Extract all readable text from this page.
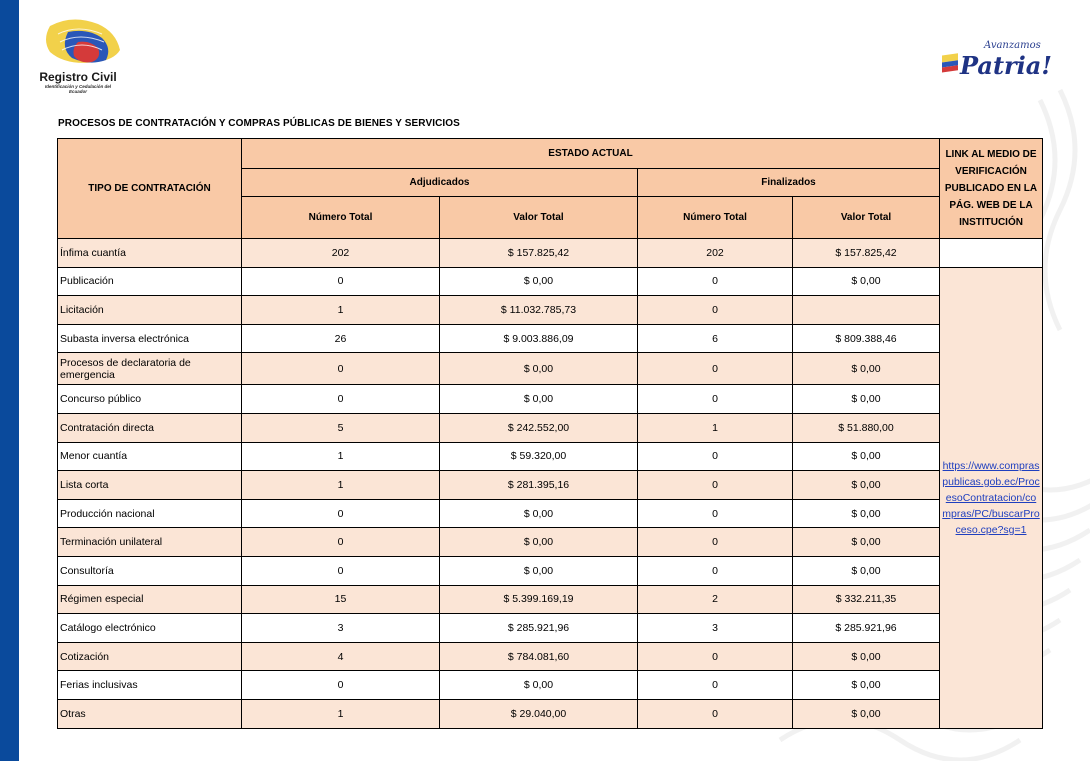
Registro Civil
Identificación y Cedulación del Ecuador
Avanzamos
Patria!
PROCESOS DE CONTRATACIÓN Y COMPRAS PÚBLICAS DE BIENES Y SERVICIOS
TIPO DE CONTRATACIÓN	ESTADO ACTUAL				LINK AL MEDIO DE VERIFICACIÓN PUBLICADO EN LA PÁG. WEB DE LA INSTITUCIÓN
	Adjudicados		Finalizados		
	Número Total	Valor Total	Número Total	Valor Total	
Ínfima cuantía	202	$ 157.825,42	202	$ 157.825,42	
Publicación	0	$ 0,00	0	$ 0,00	https://www.compraspublicas.gob.ec/ProcesoContratacion/compras/PC/buscarProceso.cpe?sg=1

Licitación	1	$ 11.032.785,73	0		
Subasta inversa electrónica	26	$ 9.003.886,09	6	$ 809.388,46	
Procesos de declaratoria de emergencia	0	$ 0,00	0	$ 0,00	
Concurso público	0	$ 0,00	0	$ 0,00	
Contratación directa	5	$ 242.552,00	1	$ 51.880,00	
Menor cuantía	1	$ 59.320,00	0	$ 0,00	
Lista corta	1	$ 281.395,16	0	$ 0,00	
Producción nacional	0	$ 0,00	0	$ 0,00	
Terminación unilateral	0	$ 0,00	0	$ 0,00	
Consultoría	0	$ 0,00	0	$ 0,00	
Régimen especial	15	$ 5.399.169,19	2	$ 332.211,35	
Catálogo electrónico	3	$ 285.921,96	3	$ 285.921,96	
Cotización	4	$ 784.081,60	0	$ 0,00	
Ferias inclusivas	0	$ 0,00	0	$ 0,00	
Otras	1	$ 29.040,00	0	$ 0,00	
